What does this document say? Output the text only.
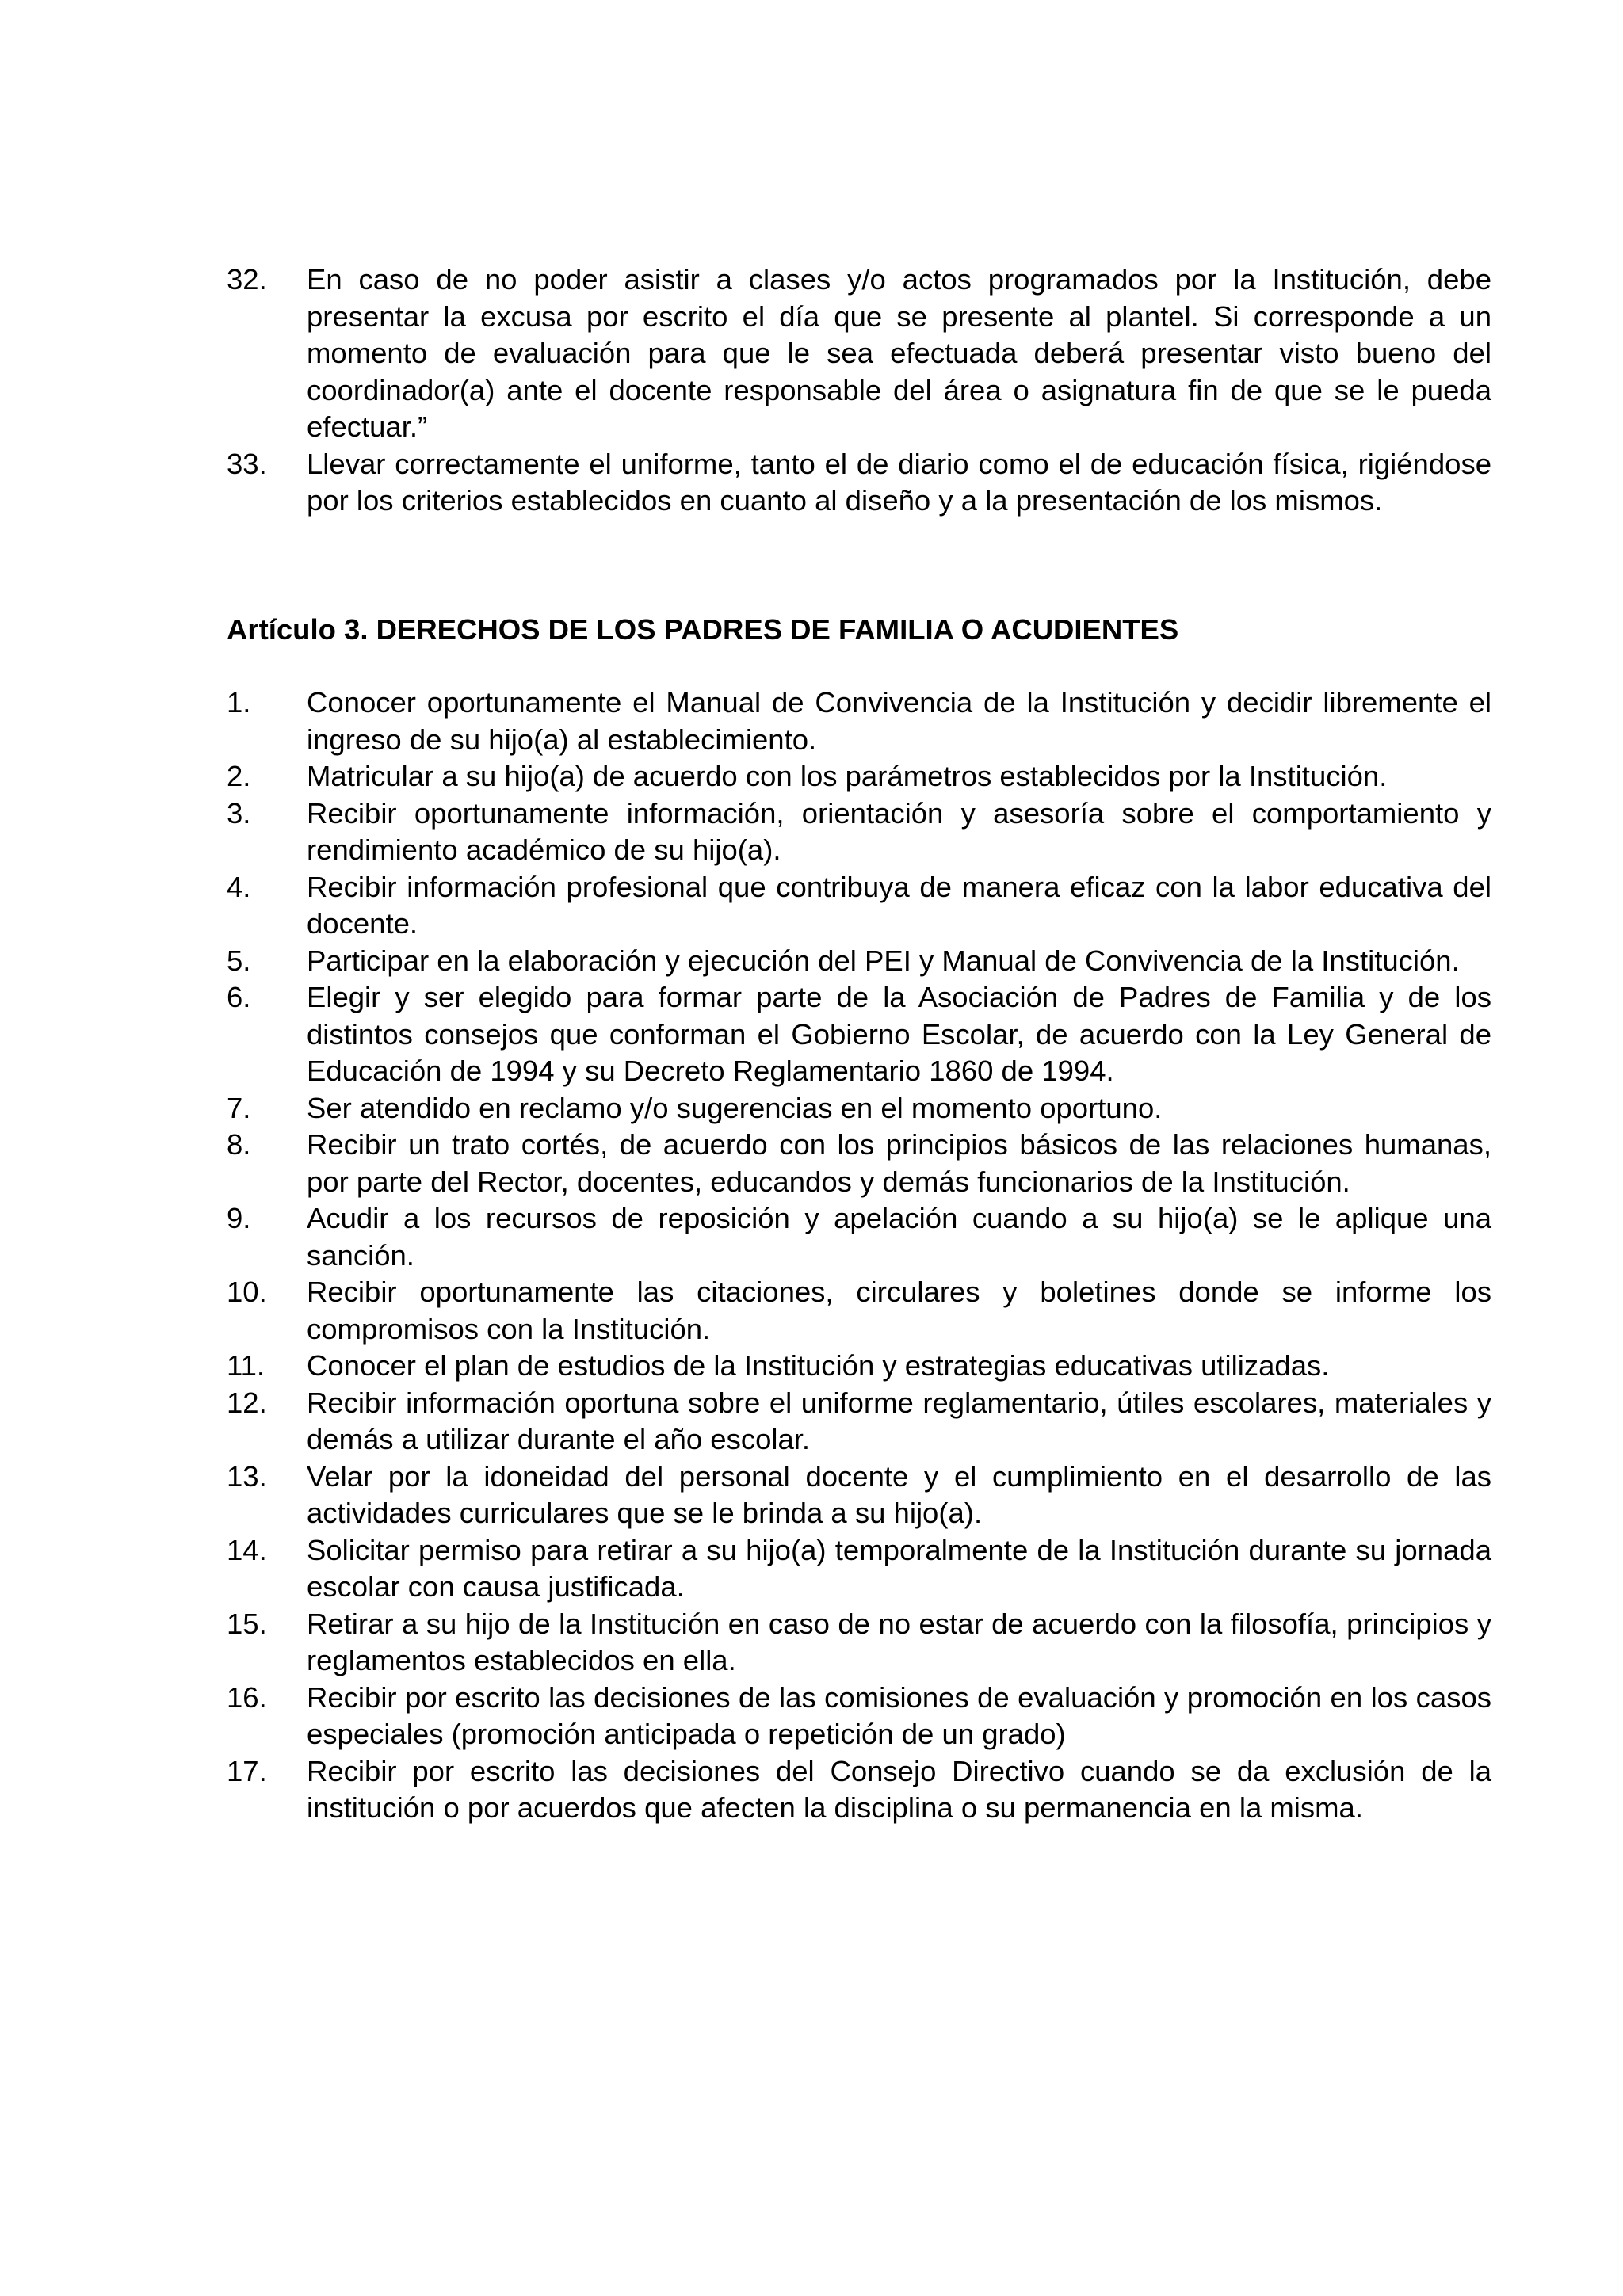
32.	En caso de no poder asistir a clases y/o actos programados por la Institución, debe presentar la excusa por escrito el día que se presente al plantel. Si corresponde a un momento de evaluación para que le sea efectuada deberá presentar visto bueno del coordinador(a) ante el docente responsable del área o asignatura fin de que se le pueda efectuar.”
33.	Llevar correctamente el uniforme, tanto el de diario como el de educación física, rigiéndose por los criterios establecidos en cuanto al diseño y a la presentación de los mismos.
Artículo 3. DERECHOS DE LOS PADRES DE FAMILIA O ACUDIENTES
1.	Conocer oportunamente el Manual de Convivencia de la Institución y decidir libremente el ingreso de su hijo(a) al establecimiento.
2.	Matricular a su hijo(a) de acuerdo con los parámetros establecidos por la Institución.
3.	Recibir oportunamente información, orientación y asesoría sobre el comportamiento y rendimiento académico de su hijo(a).
4.	Recibir información profesional que contribuya de manera eficaz con la labor educativa del docente.
5.	Participar en la elaboración y ejecución del PEI y Manual de Convivencia de la Institución.
6.	Elegir y ser elegido para formar parte de la Asociación de Padres de Familia y de los distintos consejos que conforman el Gobierno Escolar, de acuerdo con la Ley General de Educación de 1994 y su Decreto Reglamentario 1860 de 1994.
7.	Ser atendido en reclamo y/o sugerencias en el momento oportuno.
8.	Recibir un trato cortés, de acuerdo con los principios básicos de las relaciones humanas, por parte del Rector, docentes, educandos y demás funcionarios de la Institución.
9.	Acudir a los recursos de reposición y apelación cuando a su hijo(a) se le aplique una sanción.
10.	Recibir oportunamente las citaciones, circulares y boletines donde se informe los compromisos con la Institución.
11.	Conocer el plan de estudios de la Institución y estrategias educativas utilizadas.
12.	Recibir información oportuna sobre el uniforme reglamentario, útiles escolares, materiales y demás a utilizar durante el año escolar.
13.	Velar por la idoneidad del personal docente y el cumplimiento en el desarrollo de las actividades curriculares que se le brinda a su hijo(a).
14.	Solicitar permiso para retirar a su hijo(a) temporalmente de la Institución durante su jornada escolar con causa justificada.
15.	Retirar a su hijo de la Institución en caso de no estar de acuerdo con la filosofía, principios y reglamentos establecidos en ella.
16.	Recibir por escrito las decisiones de las comisiones de evaluación y promoción en los casos especiales (promoción anticipada o repetición de un grado)
17.	Recibir por escrito las decisiones del Consejo Directivo cuando se da exclusión de la institución o por acuerdos que afecten la disciplina o su permanencia en la misma.
